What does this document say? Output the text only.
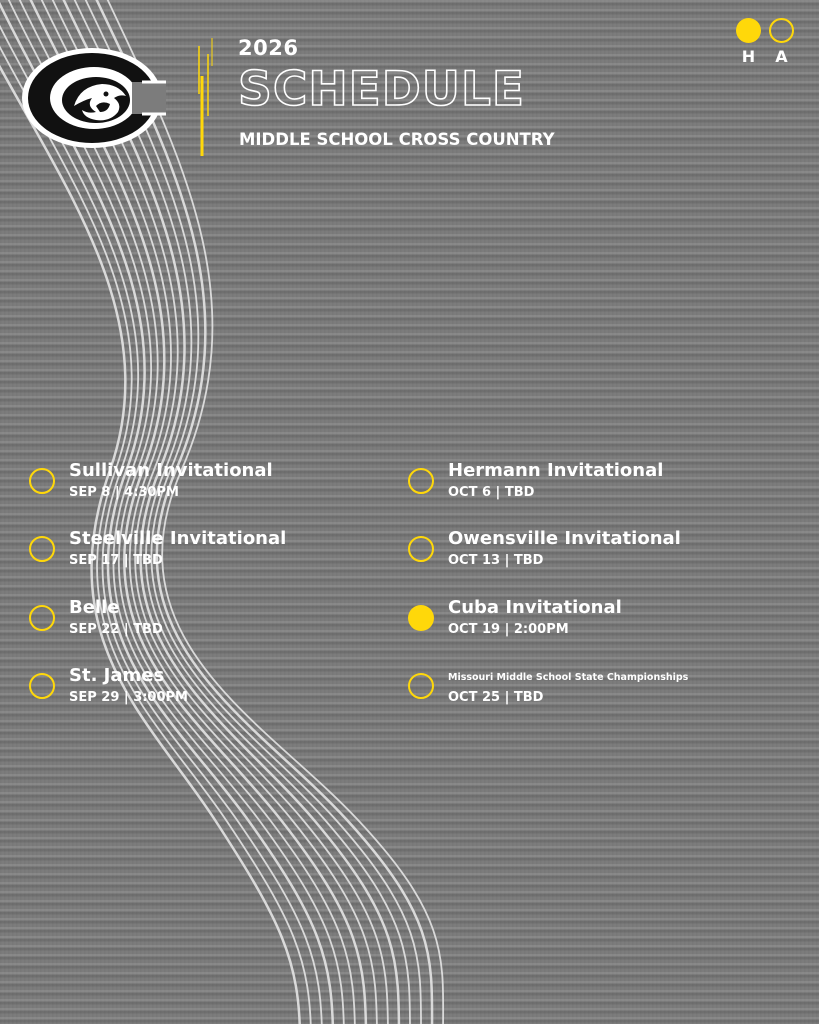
2026
SCHEDULE
MIDDLE SCHOOL CROSS COUNTRY
H	A
Sullivan Invitational
SEP 8 | 4:30PM
Steelville Invitational
SEP 17 | TBD
Belle
SEP 22 | TBD
St. James
SEP 29 | 3:00PM
Hermann Invitational
OCT 6 | TBD
Owensville Invitational
OCT 13 | TBD
Cuba Invitational
OCT 19 | 2:00PM
Missouri Middle School State Championships
OCT 25 | TBD
